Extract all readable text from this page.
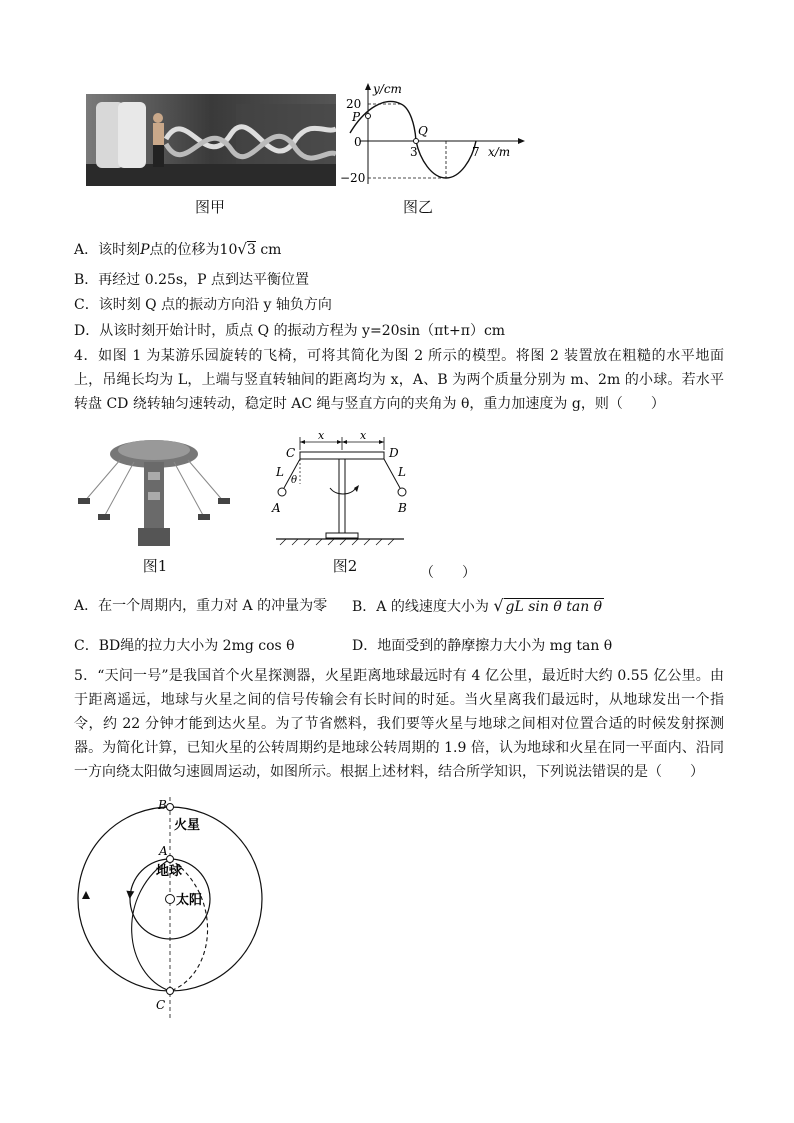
图甲
y/cm
20
P
0
Q
3	7 x/m
−20
图乙
A．该时刻P点的位移为10√3 cm
B．再经过 0.25s，P 点到达平衡位置
C．该时刻 Q 点的振动方向沿 y 轴负方向
D．从该时刻开始计时，质点 Q 的振动方程为 y=20sin（πt+π）cm
4．如图 1 为某游乐园旋转的飞椅，可将其简化为图 2 所示的模型。将图 2 装置放在粗糙的水平地面上，吊绳长均为 L，上端与竖直转轴间的距离均为 x，A、B 为两个质量分别为 m、2m 的小球。若水平转盘 CD 绕转轴匀速转动，稳定时 AC 绳与竖直方向的夹角为 θ，重力加速度为 g，则（　　）
图1
x	x
C	D
L	L
θ
A	B
图2	（　　）
A．在一个周期内，重力对 A 的冲量为零 B．A 的线速度大小为 √ gL sin θ tan θ
C．BD绳的拉力大小为 2mg cos θ	D．地面受到的静摩擦力大小为 mg tan θ
5．“天问一号”是我国首个火星探测器，火星距离地球最远时有 4 亿公里，最近时大约 0.55 亿公里。由于距离遥远，地球与火星之间的信号传输会有长时间的时延。当火星离我们最远时，从地球发出一个指令，约 22 分钟才能到达火星。为了节省燃料，我们要等火星与地球之间相对位置合适的时候发射探测器。为简化计算，已知火星的公转周期约是地球公转周期的 1.9 倍，认为地球和火星在同一平面内、沿同一方向绕太阳做匀速圆周运动，如图所示。根据上述材料，结合所学知识，下列说法错误的是（　　）
B
火星
A
地球
太阳
C
